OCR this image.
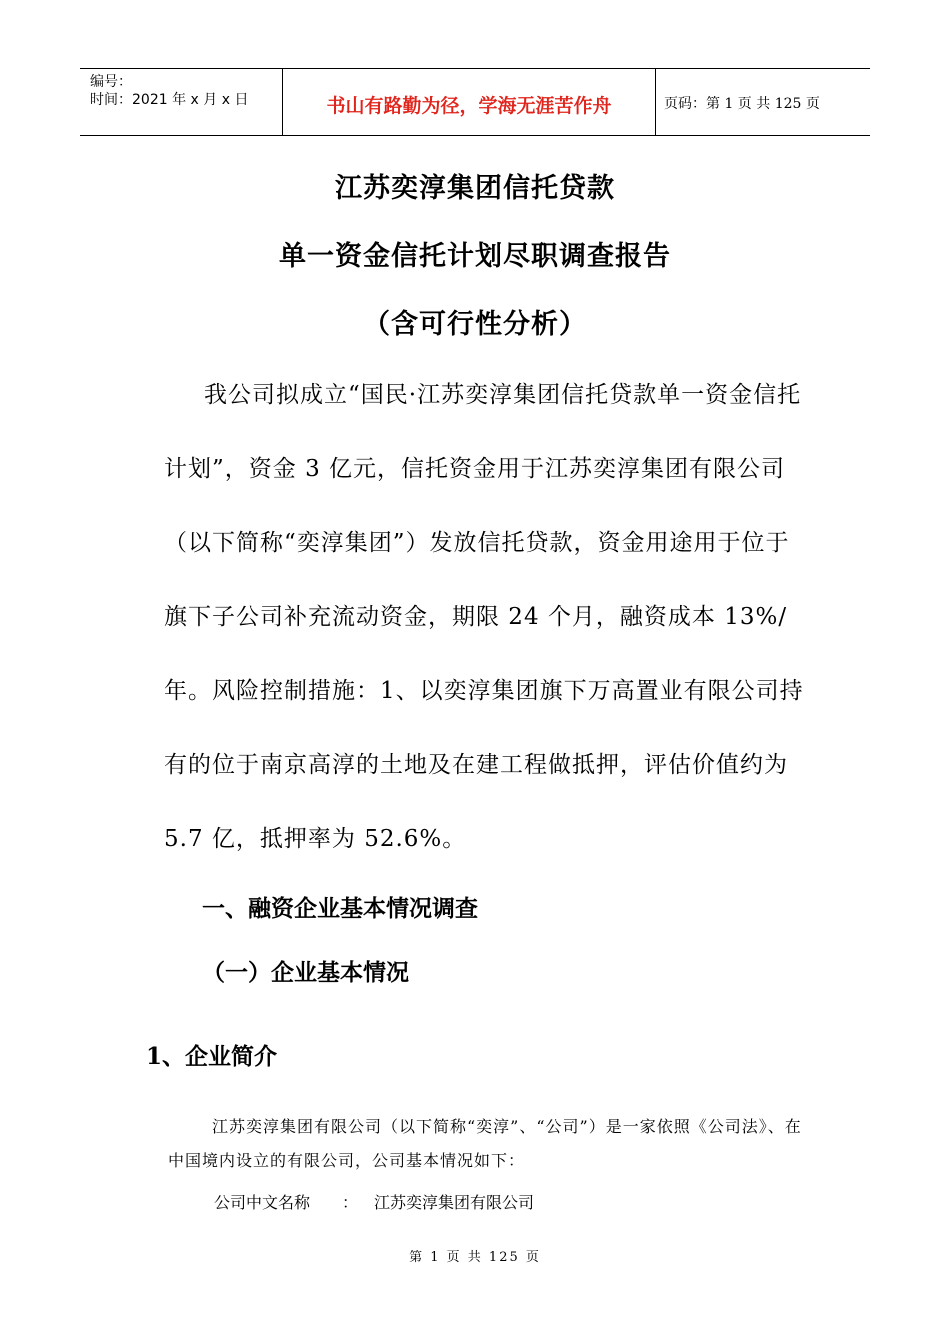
编号：
时间：2021 年 x 月 x 日	书山有路勤为径，学海无涯苦作舟	页码：第 1 页 共 125 页
江苏奕淳集团信托贷款
单一资金信托计划尽职调查报告
（含可行性分析）
我公司拟成立“国民·江苏奕淳集团信托贷款单一资金信托计划”，资金 3 亿元，信托资金用于江苏奕淳集团有限公司（以下简称“奕淳集团”）发放信托贷款，资金用途用于位于旗下子公司补充流动资金，期限 24 个月，融资成本 13%/年。风险控制措施：1、以奕淳集团旗下万高置业有限公司持有的位于南京高淳的土地及在建工程做抵押，评估价值约为 5.7 亿，抵押率为 52.6%。
一、融资企业基本情况调查
（一）企业基本情况
1、企业简介
江苏奕淳集团有限公司（以下简称“奕淳”、“公司”）是一家依照《公司法》、在中国境内设立的有限公司，公司基本情况如下：
公司中文名称	： 江苏奕淳集团有限公司
第 1 页 共 125 页
